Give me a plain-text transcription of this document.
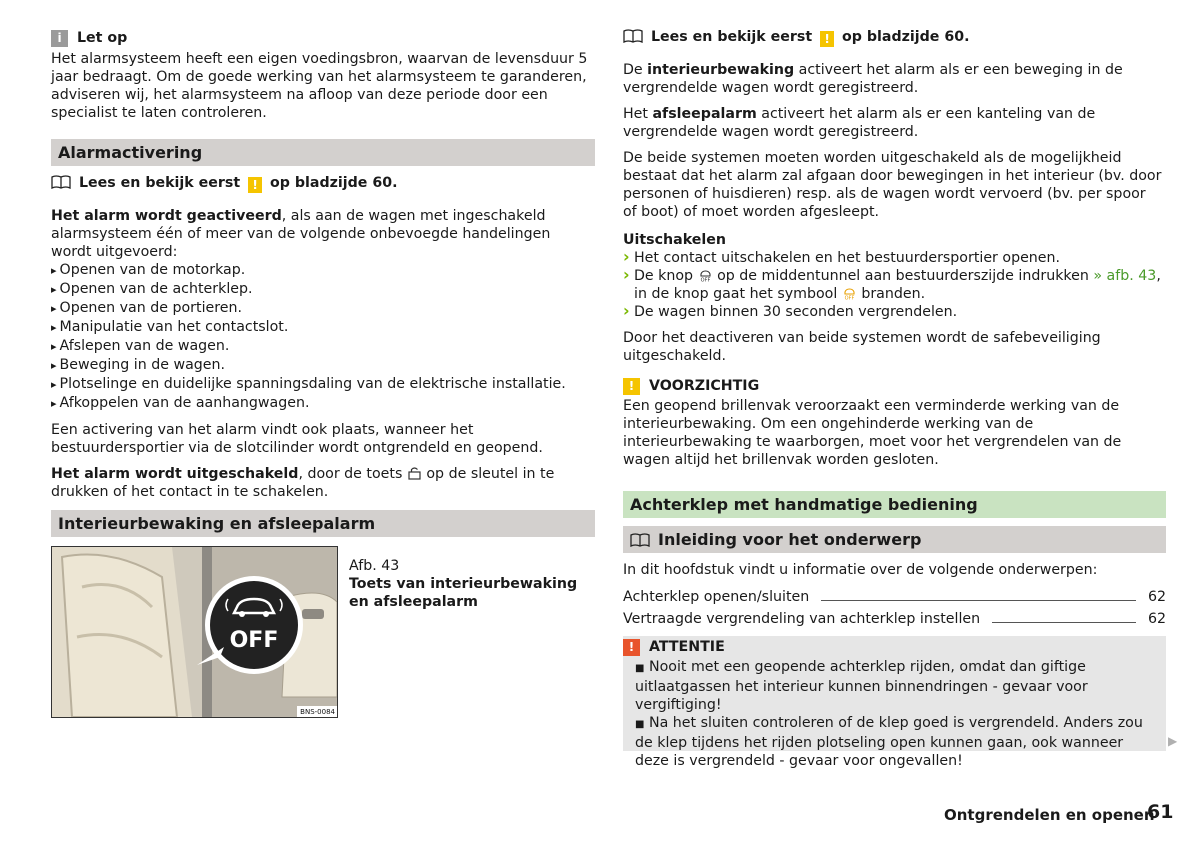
i	Let op

Het alarmsysteem heeft een eigen voedingsbron, waarvan de levensduur 5 jaar bedraagt. Om de goede werking van het alarmsysteem te garanderen, adviseren wij, het alarmsysteem na afloop van deze periode door een specialist te laten controleren.

Alarmactivering

Lees en bekijk eerst ! op bladzijde 60.

Het alarm wordt geactiveerd, als aan de wagen met ingeschakeld alarmsysteem één of meer van de volgende onbevoegde handelingen wordt uitgevoerd:

▸ Openen van de motorkap.
▸ Openen van de achterklep.
▸ Openen van de portieren.
▸ Manipulatie van het contactslot.
▸ Afslepen van de wagen.
▸ Beweging in de wagen.
▸ Plotselinge en duidelijke spanningsdaling van de elektrische installatie.
▸ Afkoppelen van de aanhangwagen.

Een activering van het alarm vindt ook plaats, wanneer het bestuurdersportier via de slotcilinder wordt ontgrendeld en geopend.

Het alarm wordt uitgeschakeld, door de toets op de sleutel in te drukken of het contact in te schakelen.

Interieurbewaking en afsleepalarm
OFF
BNS-0084

Afb. 43

Toets van interieurbewaking en afsleepalarm

Lees en bekijk eerst ! op bladzijde 60.

De interieurbewaking activeert het alarm als er een beweging in de vergrendelde wagen wordt geregistreerd.

Het afsleepalarm activeert het alarm als er een kanteling van de vergrendelde wagen wordt geregistreerd.

De beide systemen moeten worden uitgeschakeld als de mogelijkheid bestaat dat het alarm zal afgaan door bewegingen in het interieur (bv. door personen of huisdieren) resp. als de wagen wordt vervoerd (bv. per spoor of boot) of moet worden afgesleept.

Uitschakelen

› Het contact uitschakelen en het bestuurdersportier openen.
› De knop OFF op de middentunnel aan bestuurderszijde indrukken » afb. 43, in de knop gaat het symbool OFF branden.
› De wagen binnen 30 seconden vergrendelen.

Door het deactiveren van beide systemen wordt de safebeveiliging uitgeschakeld.

!	VOORZICHTIG

Een geopend brillenvak veroorzaakt een verminderde werking van de interieurbewaking. Om een ongehinderde werking van de interieurbewaking te waarborgen, moet voor het vergrendelen van de wagen altijd het brillenvak worden gesloten.

Achterklep met handmatige bediening
Inleiding voor het onderwerp

In dit hoofdstuk vindt u informatie over de volgende onderwerpen:

Achterklep openen/sluiten	62
Vertraagde vergrendeling van achterklep instellen	62
!	ATTENTIE

■ Nooit met een geopende achterklep rijden, omdat dan giftige uitlaatgassen het interieur kunnen binnendringen - gevaar voor vergiftiging!

■ Na het sluiten controleren of de klep goed is vergrendeld. Anders zou de klep tijdens het rijden plotseling open kunnen gaan, ook wanneer deze is vergrendeld - gevaar voor ongevallen!

▶
Ontgrendelen en openen
61
